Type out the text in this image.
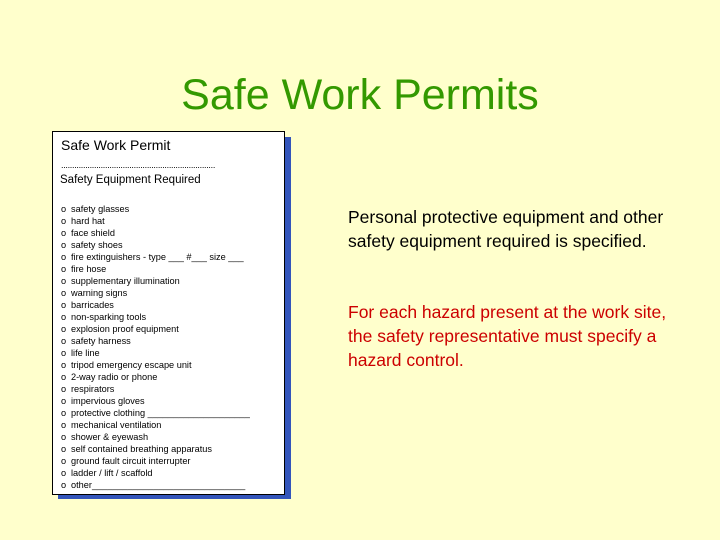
Safe Work Permits
Safe Work Permit
......................................................................
Safety Equipment Required
o safety glasses
o hard hat
o face shield
o safety shoes
o fire extinguishers - type ___ #___ size ___
o fire hose
o supplementary illumination
o warning signs
o barricades
o non-sparking tools
o explosion proof equipment
o safety harness
o life line
o tripod emergency escape unit
o 2-way radio or phone
o respirators
o impervious gloves
o protective clothing ____________________
o mechanical ventilation
o shower & eyewash
o self contained breathing apparatus
o ground fault circuit interrupter
o ladder / lift / scaffold
o other______________________________

Personal protective equipment and other safety equipment required is specified.

For each hazard present at the work site, the safety representative must specify a hazard control.
